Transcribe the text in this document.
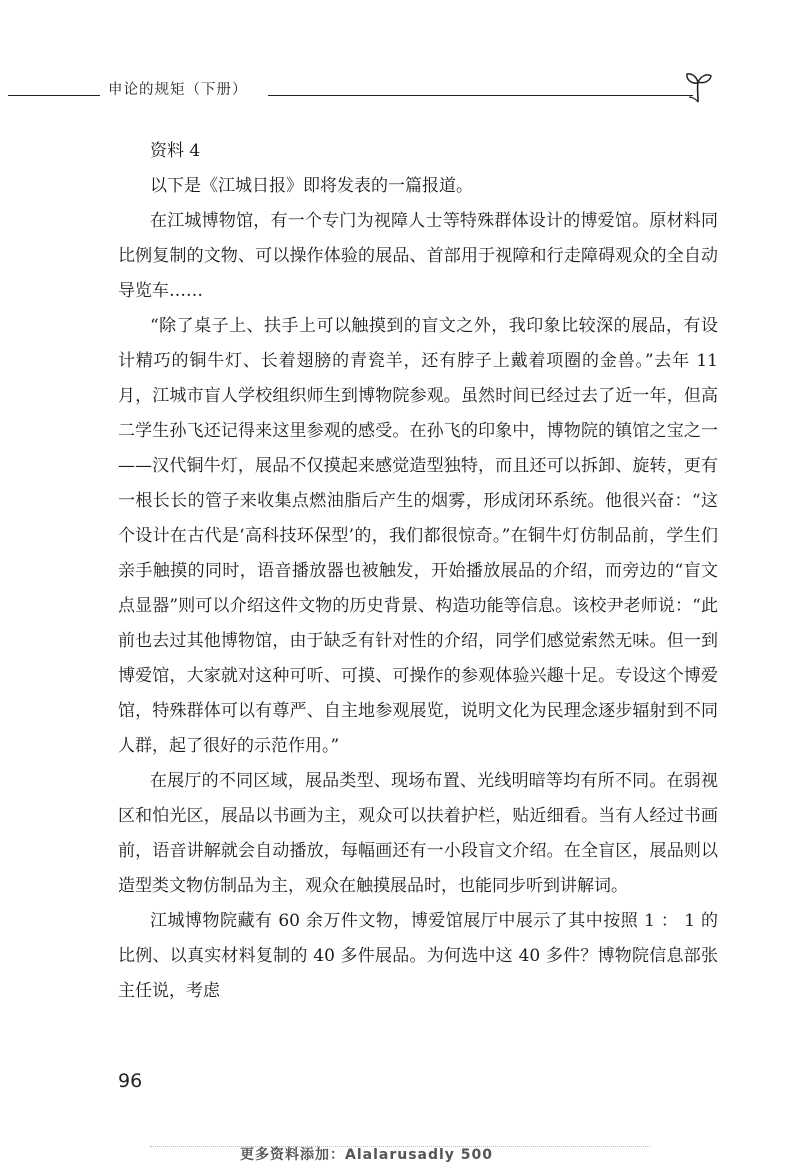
申论的规矩（下册）

资料 4

以下是《江城日报》即将发表的一篇报道。

在江城博物馆，有一个专门为视障人士等特殊群体设计的博爱馆。原材料同比例复制的文物、可以操作体验的展品、首部用于视障和行走障碍观众的全自动导览车……

“除了桌子上、扶手上可以触摸到的盲文之外，我印象比较深的展品，有设计精巧的铜牛灯、长着翅膀的青瓷羊，还有脖子上戴着项圈的金兽。”去年 11 月，江城市盲人学校组织师生到博物院参观。虽然时间已经过去了近一年，但高二学生孙飞还记得来这里参观的感受。在孙飞的印象中，博物院的镇馆之宝之一——汉代铜牛灯，展品不仅摸起来感觉造型独特，而且还可以拆卸、旋转，更有一根长长的管子来收集点燃油脂后产生的烟雾，形成闭环系统。他很兴奋：“这个设计在古代是‘高科技环保型’的，我们都很惊奇。”在铜牛灯仿制品前，学生们亲手触摸的同时，语音播放器也被触发，开始播放展品的介绍，而旁边的“盲文点显器”则可以介绍这件文物的历史背景、构造功能等信息。该校尹老师说：“此前也去过其他博物馆，由于缺乏有针对性的介绍，同学们感觉索然无味。但一到博爱馆，大家就对这种可听、可摸、可操作的参观体验兴趣十足。专设这个博爱馆，特殊群体可以有尊严、自主地参观展览，说明文化为民理念逐步辐射到不同人群，起了很好的示范作用。”

在展厅的不同区域，展品类型、现场布置、光线明暗等均有所不同。在弱视区和怕光区，展品以书画为主，观众可以扶着护栏，贴近细看。当有人经过书画前，语音讲解就会自动播放，每幅画还有一小段盲文介绍。在全盲区，展品则以造型类文物仿制品为主，观众在触摸展品时，也能同步听到讲解词。

江城博物院藏有 60 余万件文物，博爱馆展厅中展示了其中按照 1 ： 1 的比例、以真实材料复制的 40 多件展品。为何选中这 40 多件？博物院信息部张主任说，考虑

96
更多资料添加：Alalarusadly 500
